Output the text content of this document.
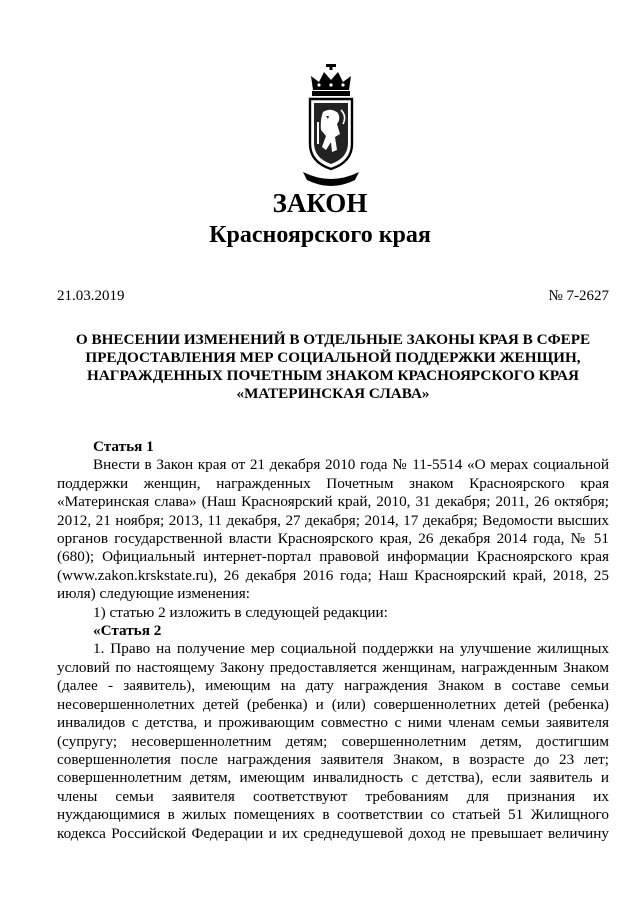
ЗАКОН
Красноярского края
21.03.2019	№ 7-2627
О ВНЕСЕНИИ ИЗМЕНЕНИЙ В ОТДЕЛЬНЫЕ ЗАКОНЫ КРАЯ В СФЕРЕ
ПРЕДОСТАВЛЕНИЯ МЕР СОЦИАЛЬНОЙ ПОДДЕРЖКИ ЖЕНЩИН,
НАГРАЖДЕННЫХ ПОЧЕТНЫМ ЗНАКОМ КРАСНОЯРСКОГО КРАЯ
«МАТЕРИНСКАЯ СЛАВА»

Статья 1

Внести в Закон края от 21 декабря 2010 года № 11-5514 «О мерах социальной поддержки женщин, награжденных Почетным знаком Красноярского края «Материнская слава» (Наш Красноярский край, 2010, 31 декабря; 2011, 26 октября; 2012, 21 ноября; 2013, 11 декабря, 27 декабря; 2014, 17 декабря; Ведомости высших органов государственной власти Красноярского края, 26 декабря 2014 года, № 51 (680); Официальный интернет-портал правовой информации Красноярского края (www.zakon.krskstate.ru), 26 декабря 2016 года; Наш Красноярский край, 2018, 25 июля) следующие изменения:

1) статью 2 изложить в следующей редакции:

«Статья 2

1. Право на получение мер социальной поддержки на улучшение жилищных условий по настоящему Закону предоставляется женщинам, награжденным Знаком (далее - заявитель), имеющим на дату награждения Знаком в составе семьи несовершеннолетних детей (ребенка) и (или) совершеннолетних детей (ребенка) инвалидов с детства, и проживающим совместно с ними членам семьи заявителя (супругу; несовершеннолетним детям; совершеннолетним детям, достигшим совершеннолетия после награждения заявителя Знаком, в возрасте до 23 лет; совершеннолетним детям, имеющим инвалидность с детства), если заявитель и члены семьи заявителя соответствуют требованиям для признания их нуждающимися в жилых помещениях в соответствии со статьей 51 Жилищного кодекса Российской Федерации и их среднедушевой доход не превышает величину
